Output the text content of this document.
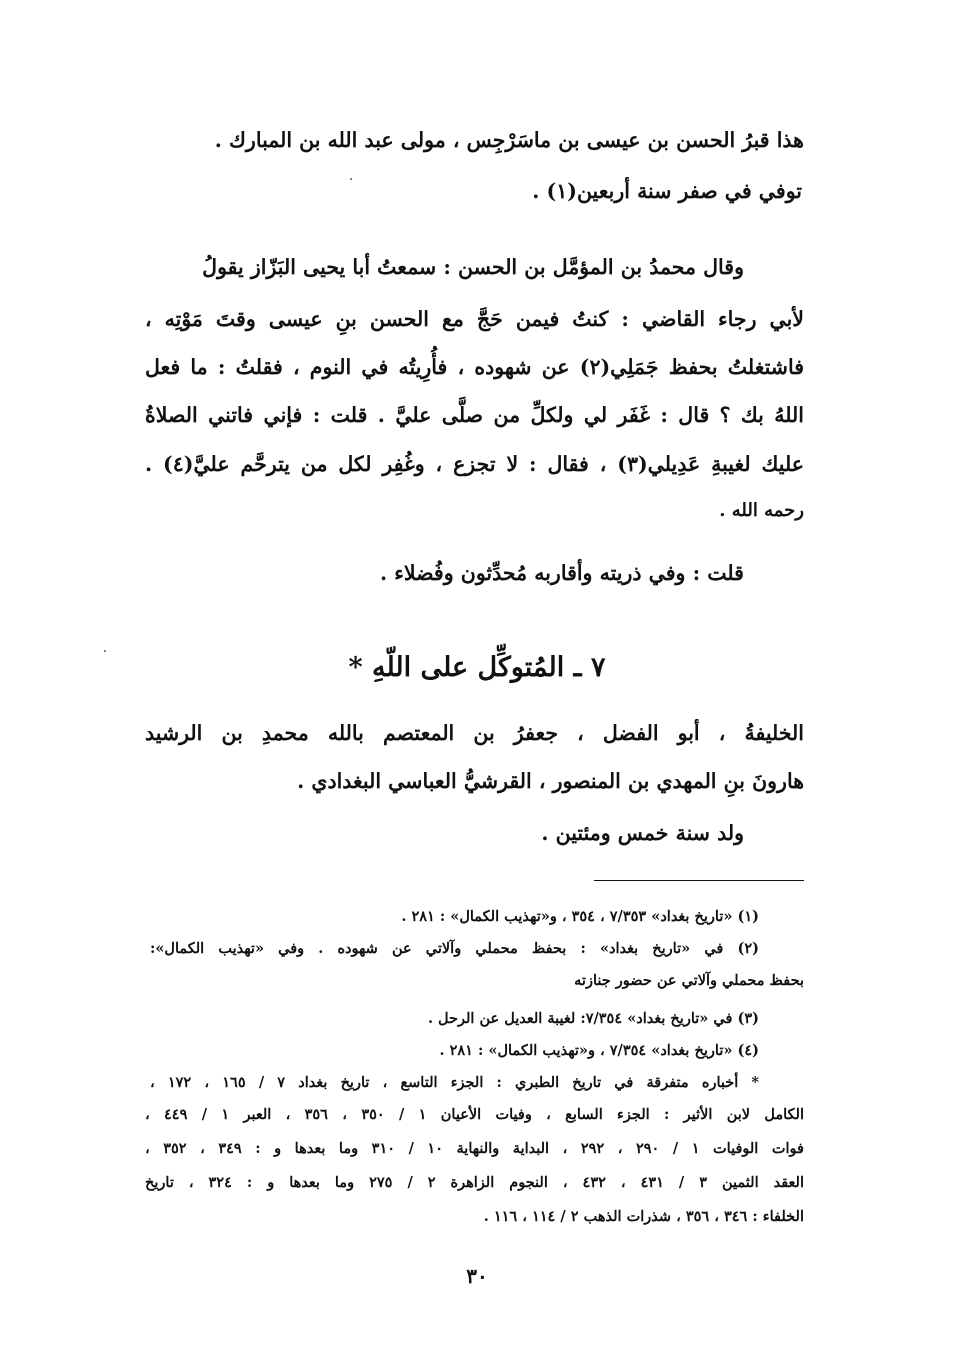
هذا قبرُ الحسن بن عيسى بن ماسَرْجِس ، مولى عبد الله بن المبارك .
توفي في صفر سنة أربعين(١) .
وقال محمدُ بن المؤمَّل بن الحسن : سمعتُ أبا يحيى البَزّاز يقولُ
لأبي رجاء القاضي : كنتُ فيمن حَجَّ مع الحسن بنِ عيسى وقتَ مَوْتِه ،
فاشتغلتُ بحفظ جَمَلِي(٢) عن شهوده ، فأُرِيتُه في النوم ، فقلتُ : ما فعل
اللهُ بك ؟ قال : غَفَر لي ولكلِّ من صلَّى عليَّ . قلت : فإني فاتني الصلاةُ
عليك لغيبةِ عَدِيلي(٣) ، فقال : لا تجزع ، وغُفِر لكل من يترحَّم عليَّ(٤) .
رحمه الله .
قلت : وفي ذريته وأقاربه مُحدِّثون وفُضلاء .
٧ ـ المُتوكِّل على اللّهِ *
الخليفةُ ، أبو الفضل ، جعفرُ بن المعتصم بالله محمدِ بن الرشيد
هارونَ بنِ المهدي بن المنصور ، القرشيُّ العباسي البغدادي .
ولد سنة خمس ومئتين .
(١) «تاريخ بغداد» ٧/٣٥٣ ، ٣٥٤ ، و«تهذيب الكمال» : ٢٨١ .
(٢) في «تاريخ بغداد» : بحفظ محملي وآلاتي عن شهوده . وفي «تهذيب الكمال»:
بحفظ محملي وآلاتي عن حضور جنازته
(٣) في «تاريخ بغداد» ٧/٣٥٤: لغيبة العديل عن الرحل .
(٤) «تاريخ بغداد» ٧/٣٥٤ ، و«تهذيب الكمال» : ٢٨١ .
* أخباره متفرقة في تاريخ الطبري : الجزء التاسع ، تاريخ بغداد ٧ / ١٦٥ ، ١٧٢ ،
الكامل لابن الأثير : الجزء السابع ، وفيات الأعيان ١ / ٣٥٠ ، ٣٥٦ ، العبر ١ / ٤٤٩ ،
فوات الوفيات ١ / ٢٩٠ ، ٢٩٢ ، البداية والنهاية ١٠ / ٣١٠ وما بعدها و : ٣٤٩ ، ٣٥٢ ،
العقد الثمين ٣ / ٤٣١ ، ٤٣٢ ، النجوم الزاهرة ٢ / ٢٧٥ وما بعدها و : ٣٢٤ ، تاريخ
الخلفاء : ٣٤٦ ، ٣٥٦ ، شذرات الذهب ٢ / ١١٤ ، ١١٦ .
٣٠
